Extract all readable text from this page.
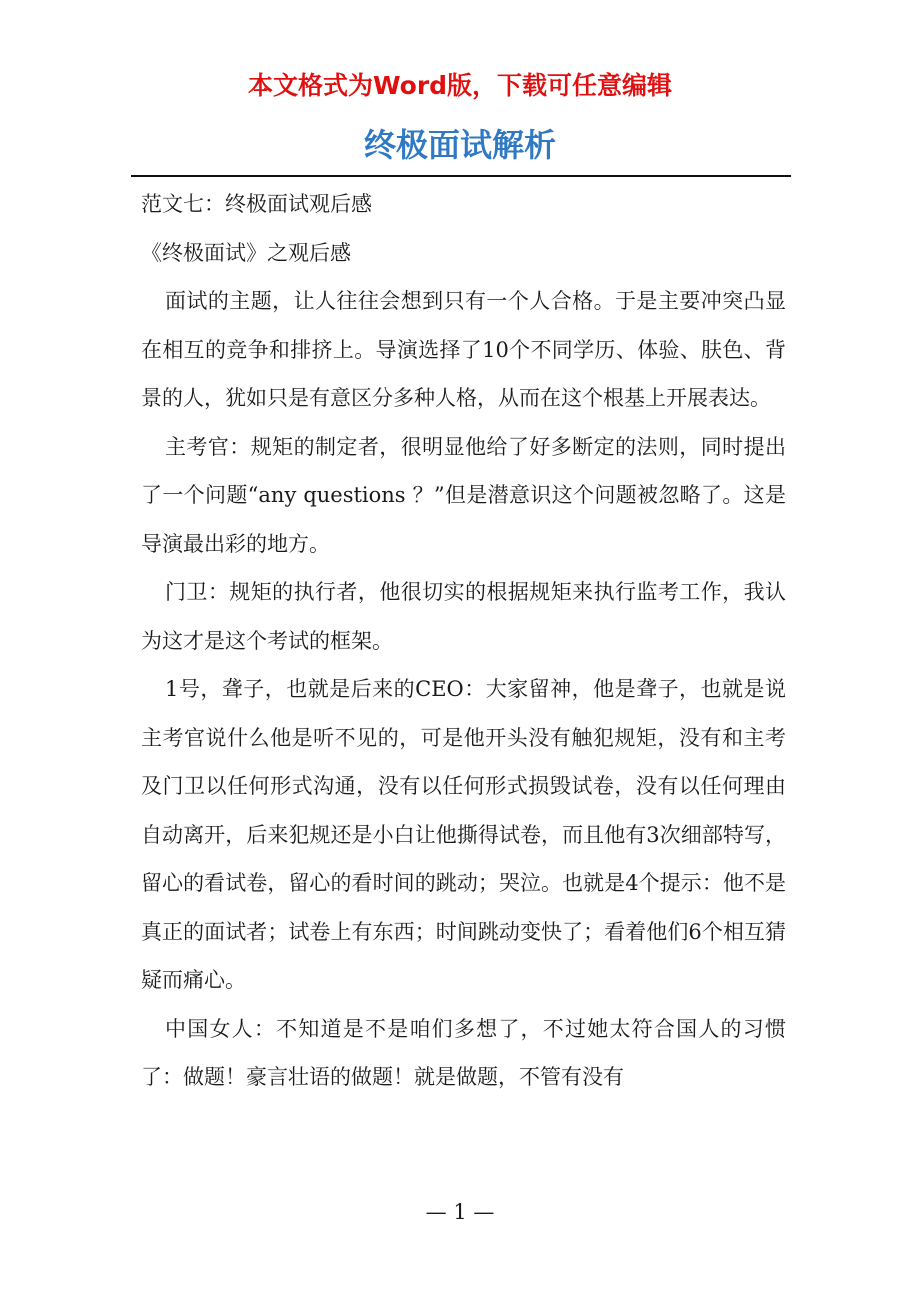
本文格式为Word版，下载可任意编辑
终极面试解析

范文七：终极面试观后感

《终极面试》之观后感

面试的主题，让人往往会想到只有一个人合格。于是主要冲突凸显在相互的竞争和排挤上。导演选择了10个不同学历、体验、肤色、背景的人，犹如只是有意区分多种人格，从而在这个根基上开展表达。

主考官：规矩的制定者，很明显他给了好多断定的法则，同时提出了一个问题“any questions ？”但是潜意识这个问题被忽略了。这是导演最出彩的地方。

门卫：规矩的执行者，他很切实的根据规矩来执行监考工作，我认为这才是这个考试的框架。

1号，聋子，也就是后来的CEO：大家留神，他是聋子，也就是说主考官说什么他是听不见的，可是他开头没有触犯规矩，没有和主考及门卫以任何形式沟通，没有以任何形式损毁试卷，没有以任何理由自动离开，后来犯规还是小白让他撕得试卷，而且他有3次细部特写，留心的看试卷，留心的看时间的跳动；哭泣。也就是4个提示：他不是真正的面试者；试卷上有东西；时间跳动变快了；看着他们6个相互猜疑而痛心。

中国女人：不知道是不是咱们多想了，不过她太符合国人的习惯了：做题！豪言壮语的做题！就是做题，不管有没有

— 1 —
